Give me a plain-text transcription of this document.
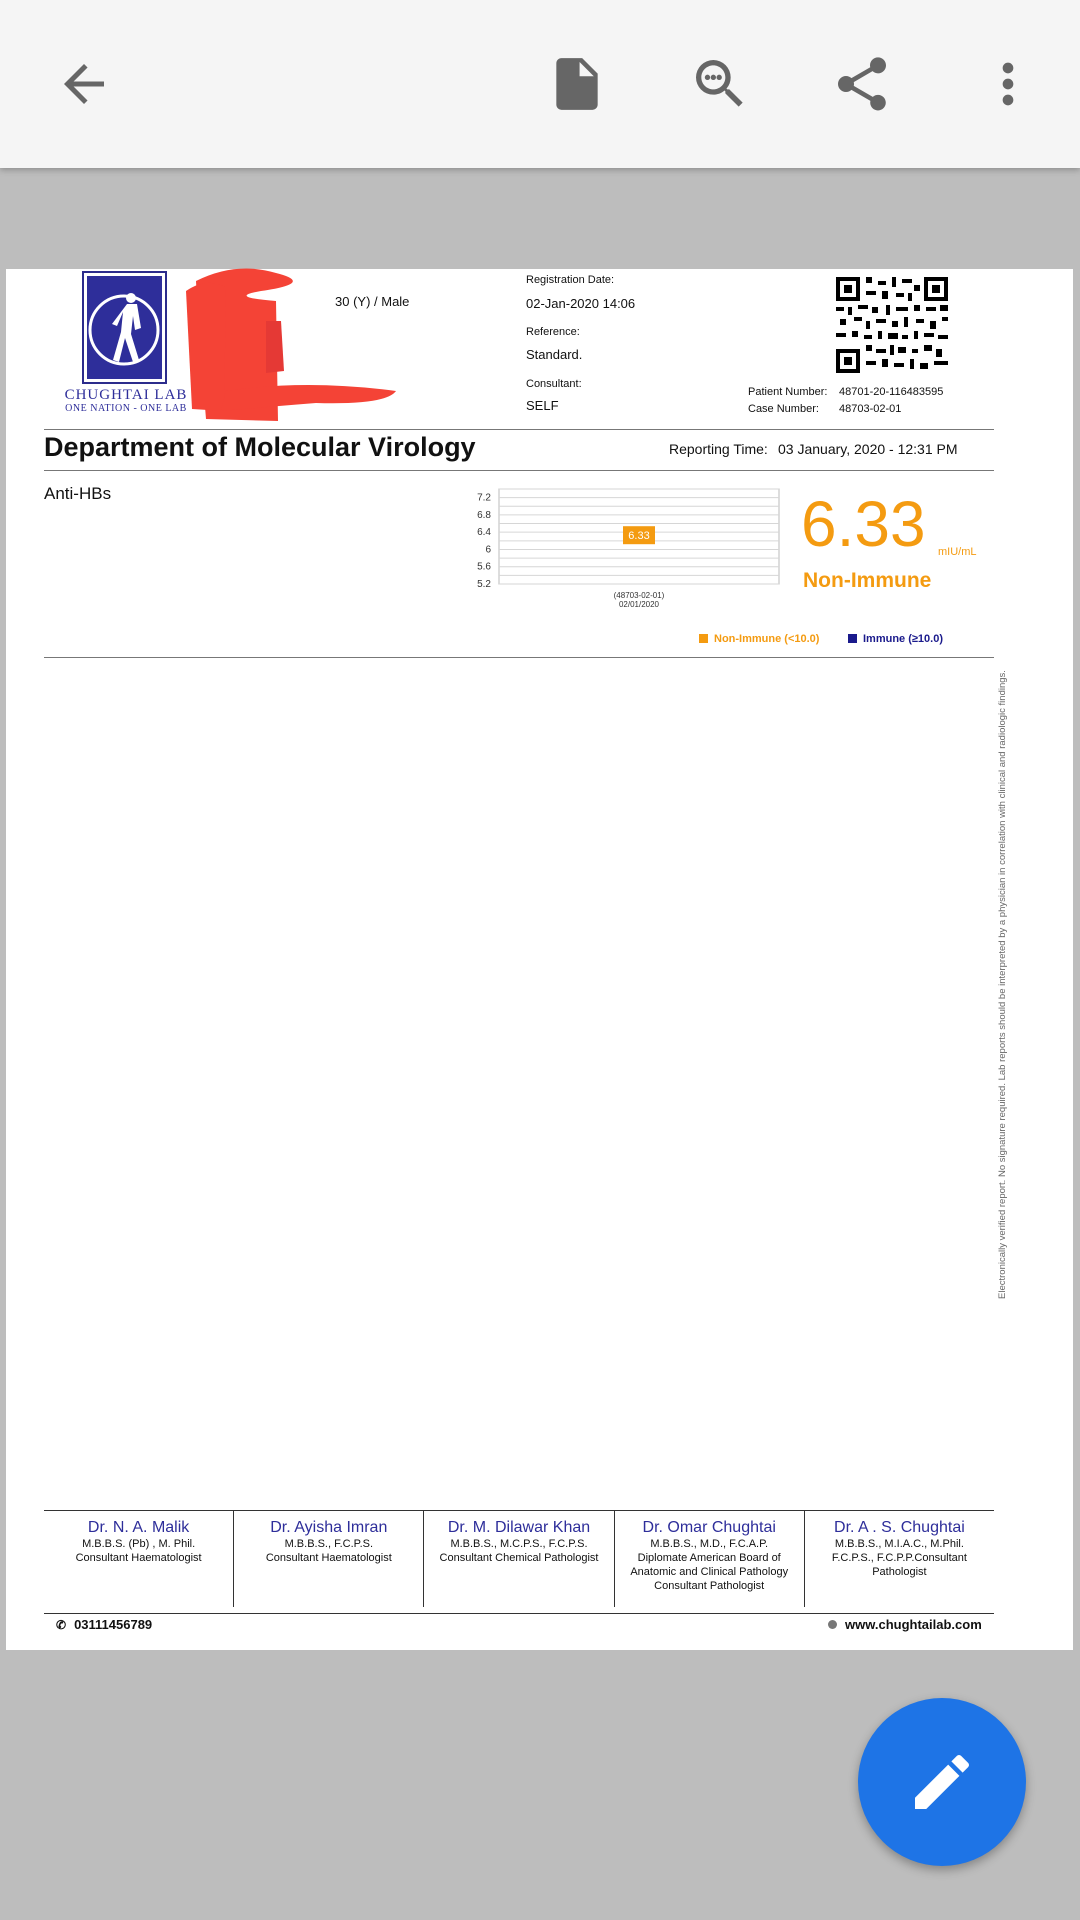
CHUGHTAI LAB
ONE NATION - ONE LAB
30 (Y) / Male
Registration Date:
02-Jan-2020 14:06
Reference:
Standard.
Consultant:
SELF
Patient Number: 48701-20-116483595
Case Number: 48703-02-01
Department of Molecular Virology	Reporting Time: 03 January, 2020 - 12:31 PM
Anti-HBs	7.2
6.8
6.4
6
5.6
5.2
6.33
(48703-02-01)
02/01/2020
6.33 mIU/mL
Non-Immune
Non-Immune (<10.0)	Immune (≥10.0)
Electronically verified report. No signature required. Lab reports should be interpreted by a physician in correlation with clinical and radiologic findings.
Dr. N. A. Malik
M.B.B.S. (Pb) , M. Phil.
Consultant Haematologist
Dr. Ayisha Imran
M.B.B.S., F.C.P.S.
Consultant Haematologist
Dr. M. Dilawar Khan
M.B.B.S., M.C.P.S., F.C.P.S.
Consultant Chemical Pathologist
Dr. Omar Chughtai
M.B.B.S., M.D., F.C.A.P.
Diplomate American Board of
Anatomic and Clinical Pathology
Consultant Pathologist
Dr. A . S. Chughtai
M.B.B.S., M.I.A.C., M.Phil.
F.C.P.S., F.C.P.P.Consultant
Pathologist
✆ 03111456789	www.chughtailab.com
